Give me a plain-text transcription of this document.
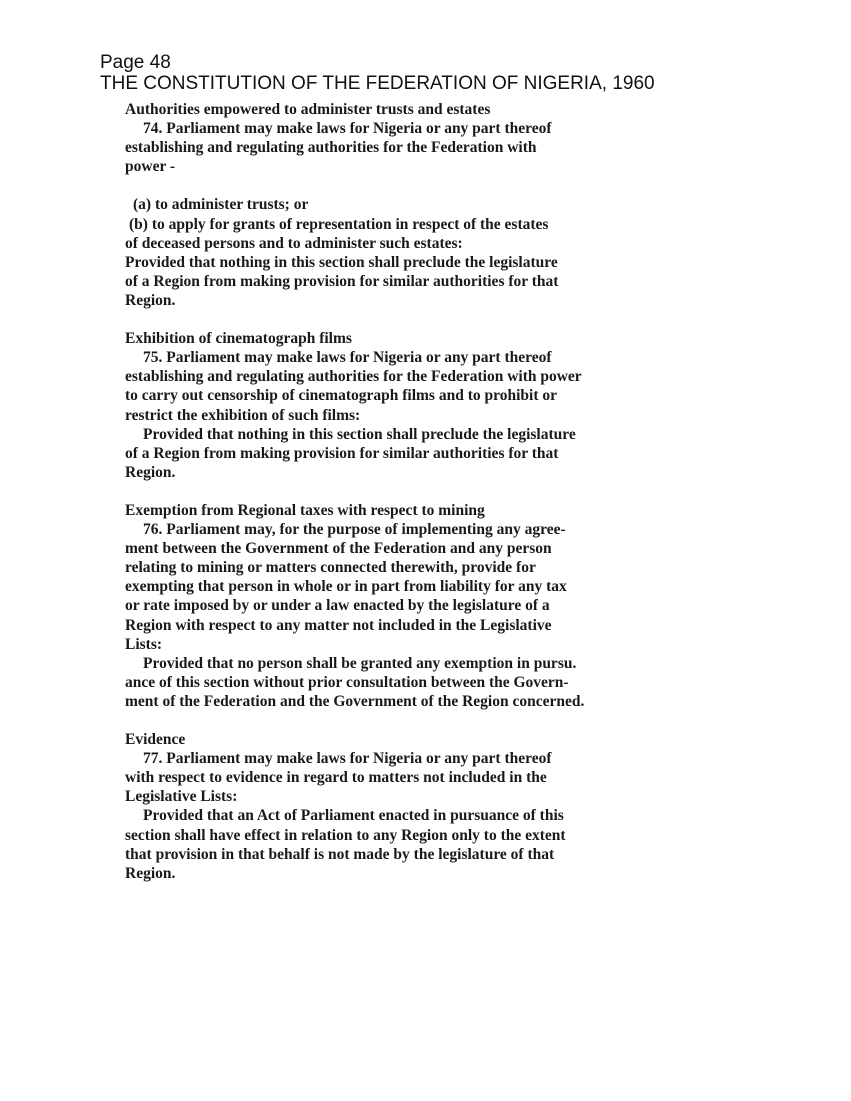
Page 48
THE CONSTITUTION OF THE FEDERATION OF NIGERIA, 1960
Authorities empowered to administer trusts and estates
74. Parliament may make laws for Nigeria or any part thereof
establishing and regulating authorities for the Federation with
power -
(a) to administer trusts; or
(b) to apply for grants of representation in respect of the estates
of deceased persons and to administer such estates:
Provided that nothing in this section shall preclude the legislature
of a Region from making provision for similar authorities for that
Region.
Exhibition of cinematograph films
75. Parliament may make laws for Nigeria or any part thereof
establishing and regulating authorities for the Federation with power
to carry out censorship of cinematograph films and to prohibit or
restrict the exhibition of such films:
Provided that nothing in this section shall preclude the legislature
of a Region from making provision for similar authorities for that
Region.
Exemption from Regional taxes with respect to mining
76. Parliament may, for the purpose of implementing any agree-
ment between the Government of the Federation and any person
relating to mining or matters connected therewith, provide for
exempting that person in whole or in part from liability for any tax
or rate imposed by or under a law enacted by the legislature of a
Region with respect to any matter not included in the Legislative
Lists:
Provided that no person shall be granted any exemption in pursu.
ance of this section without prior consultation between the Govern-
ment of the Federation and the Government of the Region concerned.
Evidence
77. Parliament may make laws for Nigeria or any part thereof
with respect to evidence in regard to matters not included in the
Legislative Lists:
Provided that an Act of Parliament enacted in pursuance of this
section shall have effect in relation to any Region only to the extent
that provision in that behalf is not made by the legislature of that
Region.
